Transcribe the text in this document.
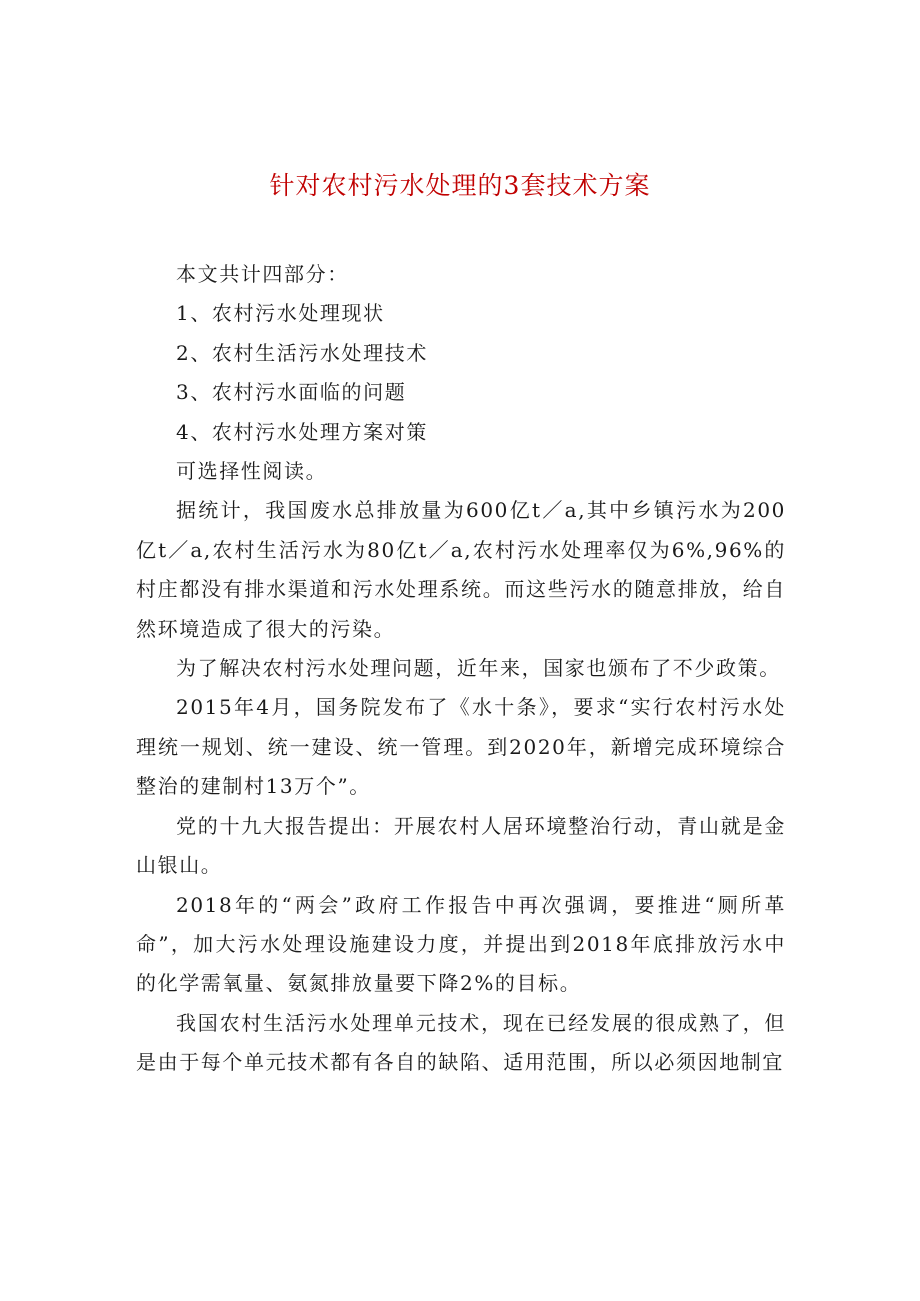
针对农村污水处理的3套技术方案

本文共计四部分：

1、农村污水处理现状

2、农村生活污水处理技术

3、农村污水面临的问题

4、农村污水处理方案对策

可选择性阅读。

据统计，我国废水总排放量为600亿t／a,其中乡镇污水为200亿t／a,农村生活污水为80亿t／a,农村污水处理率仅为6%,96%的村庄都没有排水渠道和污水处理系统。而这些污水的随意排放，给自然环境造成了很大的污染。

为了解决农村污水处理问题，近年来，国家也颁布了不少政策。

2015年4月，国务院发布了《水十条》，要求“实行农村污水处理统一规划、统一建设、统一管理。到2020年，新增完成环境综合整治的建制村13万个”。

党的十九大报告提出：开展农村人居环境整治行动，青山就是金山银山。

2018年的“两会”政府工作报告中再次强调，要推进“厕所革命”，加大污水处理设施建设力度，并提出到2018年底排放污水中的化学需氧量、氨氮排放量要下降2%的目标。

我国农村生活污水处理单元技术，现在已经发展的很成熟了，但是由于每个单元技术都有各自的缺陷、适用范围，所以必须因地制宜
